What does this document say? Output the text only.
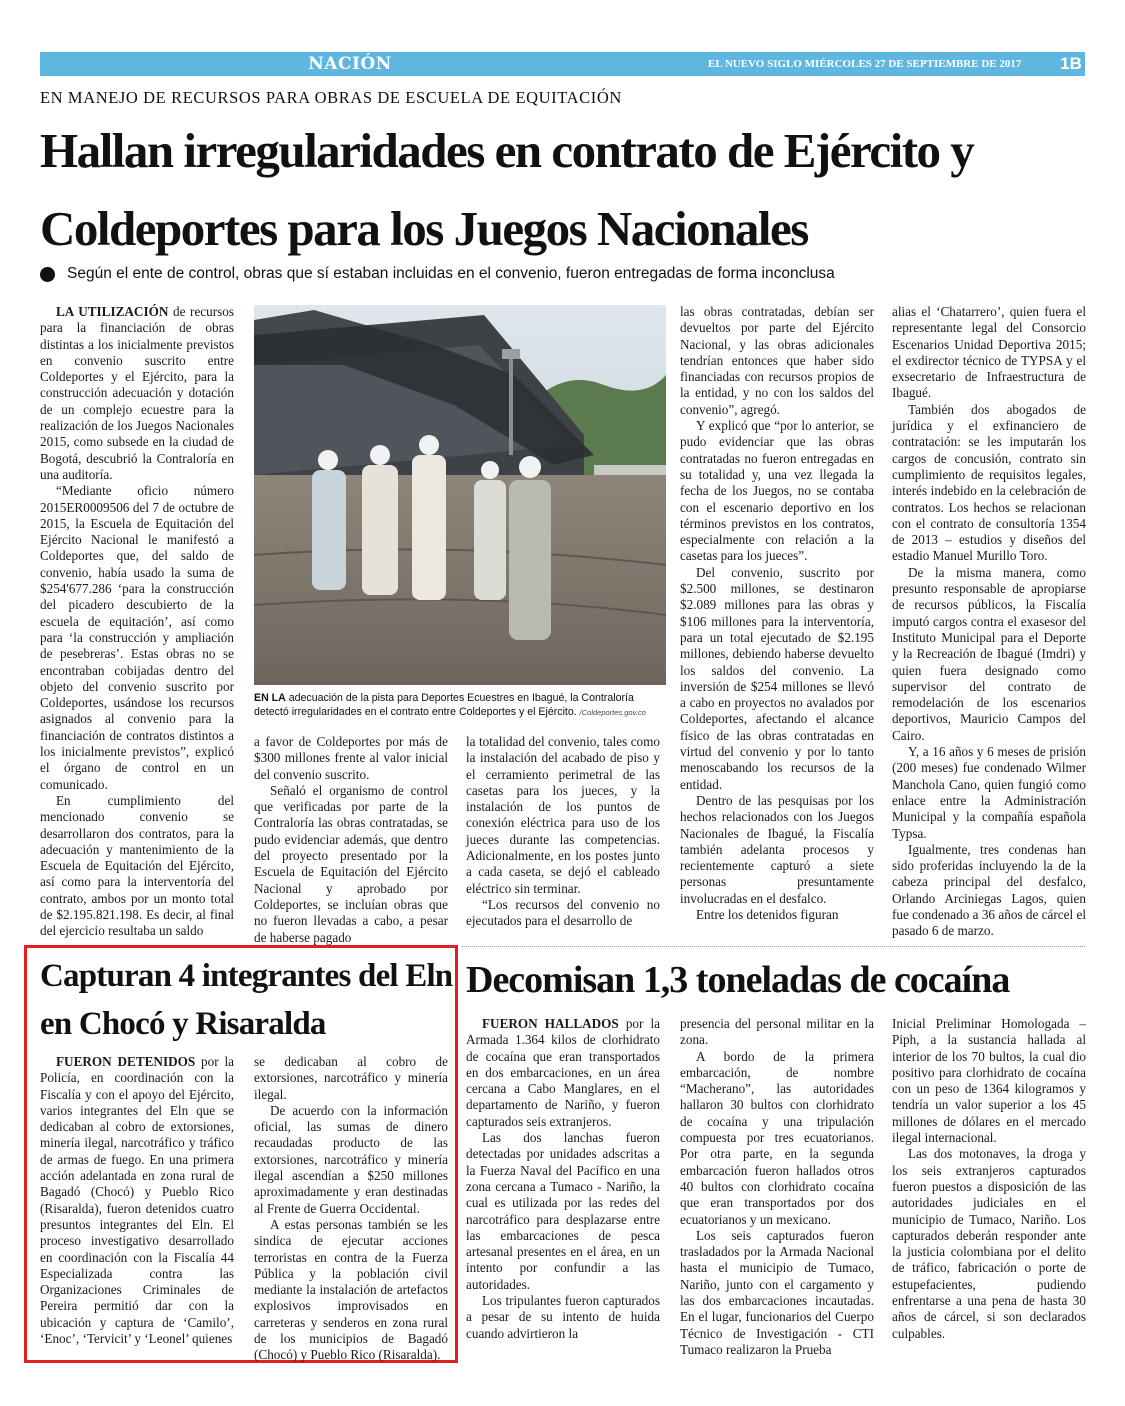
NACIÓN	EL NUEVO SIGLO MIÉRCOLES 27 DE SEPTIEMBRE DE 2017 1B
EN MANEJO DE RECURSOS PARA OBRAS DE ESCUELA DE EQUITACIÓN
Hallan irregularidades en contrato de Ejército y Coldeportes para los Juegos Nacionales
Según el ente de control, obras que sí estaban incluidas en el convenio, fueron entregadas de forma inconclusa

LA UTILIZACIÓN de recursos para la financiación de obras distintas a los inicialmente previstos en convenio suscrito entre Coldeportes y el Ejército, para la construcción adecuación y dotación de un complejo ecuestre para la realización de los Juegos Nacionales 2015, como subsede en la ciudad de Bogotá, descubrió la Contraloría en una auditoría.

“Mediante oficio número 2015ER0009506 del 7 de octubre de 2015, la Escuela de Equitación del Ejército Nacional le manifestó a Coldeportes que, del saldo de convenio, había usado la suma de $254'677.286 ‘para la construcción del picadero descubierto de la escuela de equitación’, así como para ‘la construcción y ampliación de pesebreras’. Estas obras no se encontraban cobijadas dentro del objeto del convenio suscrito por Coldeportes, usándose los recursos asignados al convenio para la financiación de contratos distintos a los inicialmente previstos”, explicó el órgano de control en un comunicado.

En cumplimiento del mencionado convenio se desarrollaron dos contratos, para la adecuación y mantenimiento de la Escuela de Equitación del Ejército, así como para la interventoría del contrato, ambos por un monto total de $2.195.821.198. Es decir, al final del ejercicio resultaba un saldo

EN LA adecuación de la pista para Deportes Ecuestres en Ibagué, la Contraloría detectó irregularidades en el contrato entre Coldeportes y el Ejército. /Coldeportes.gov.co

a favor de Coldeportes por más de $300 millones frente al valor inicial del convenio suscrito.

Señaló el organismo de control que verificadas por parte de la Contraloría las obras contratadas, se pudo evidenciar además, que dentro del proyecto presentado por la Escuela de Equitación del Ejército Nacional y aprobado por Coldeportes, se incluían obras que no fueron llevadas a cabo, a pesar de haberse pagado

la totalidad del convenio, tales como la instalación del acabado de piso y el cerramiento perimetral de las casetas para los jueces, y la instalación de los puntos de conexión eléctrica para uso de los jueces durante las competencias. Adicionalmente, en los postes junto a cada caseta, se dejó el cableado eléctrico sin terminar.

“Los recursos del convenio no ejecutados para el desarrollo de

las obras contratadas, debían ser devueltos por parte del Ejército Nacional, y las obras adicionales tendrían entonces que haber sido financiadas con recursos propios de la entidad, y no con los saldos del convenio”, agregó.

Y explicó que “por lo anterior, se pudo evidenciar que las obras contratadas no fueron entregadas en su totalidad y, una vez llegada la fecha de los Juegos, no se contaba con el escenario deportivo en los términos previstos en los contratos, especialmente con relación a la casetas para los jueces”.

Del convenio, suscrito por $2.500 millones, se destinaron $2.089 millones para las obras y $106 millones para la interventoría, para un total ejecutado de $2.195 millones, debiendo haberse devuelto los saldos del convenio. La inversión de $254 millones se llevó a cabo en proyectos no avalados por Coldeportes, afectando el alcance físico de las obras contratadas en virtud del convenio y por lo tanto menoscabando los recursos de la entidad.

Dentro de las pesquisas por los hechos relacionados con los Juegos Nacionales de Ibagué, la Fiscalía también adelanta procesos y recientemente capturó a siete personas presuntamente involucradas en el desfalco.

Entre los detenidos figuran

alias el ‘Chatarrero’, quien fuera el representante legal del Consorcio Escenarios Unidad Deportiva 2015; el exdirector técnico de TYPSA y el exsecretario de Infraestructura de Ibagué.

También dos abogados de jurídica y el exfinanciero de contratación: se les imputarán los cargos de concusión, contrato sin cumplimiento de requisitos legales, interés indebido en la celebración de contratos. Los hechos se relacionan con el contrato de consultoría 1354 de 2013 – estudios y diseños del estadio Manuel Murillo Toro.

De la misma manera, como presunto responsable de apropiarse de recursos públicos, la Fiscalía imputó cargos contra el exasesor del Instituto Municipal para el Deporte y la Recreación de Ibagué (Imdri) y quien fuera designado como supervisor del contrato de remodelación de los escenarios deportivos, Mauricio Campos del Cairo.

Y, a 16 años y 6 meses de prisión (200 meses) fue condenado Wilmer Manchola Cano, quien fungió como enlace entre la Administración Municipal y la compañía española Typsa.

Igualmente, tres condenas han sido proferidas incluyendo la de la cabeza principal del desfalco, Orlando Arciniegas Lagos, quien fue condenado a 36 años de cárcel el pasado 6 de marzo.

Capturan 4 integrantes del Eln en Chocó y Risaralda

FUERON DETENIDOS por la Policía, en coordinación con la Fiscalía y con el apoyo del Ejército, varios integrantes del Eln que se dedicaban al cobro de extorsiones, minería ilegal, narcotráfico y tráfico de armas de fuego. En una primera acción adelantada en zona rural de Bagadó (Chocó) y Pueblo Rico (Risaralda), fueron detenidos cuatro presuntos integrantes del Eln. El proceso investigativo desarrollado en coordinación con la Fiscalía 44 Especializada contra las Organizaciones Criminales de Pereira permitió dar con la ubicación y captura de ‘Camilo’, ‘Enoc’, ‘Tervicit’ y ‘Leonel’ quienes

se dedicaban al cobro de extorsiones, narcotráfico y minería ilegal.

De acuerdo con la información oficial, las sumas de dinero recaudadas producto de las extorsiones, narcotráfico y minería ilegal ascendían a $250 millones aproximadamente y eran destinadas al Frente de Guerra Occidental.

A estas personas también se les sindica de ejecutar acciones terroristas en contra de la Fuerza Pública y la población civil mediante la instalación de artefactos explosivos improvisados en carreteras y senderos en zona rural de los municipios de Bagadó (Chocó) y Pueblo Rico (Risaralda).

Decomisan 1,3 toneladas de cocaína

FUERON HALLADOS por la Armada 1.364 kilos de clorhidrato de cocaína que eran transportados en dos embarcaciones, en un área cercana a Cabo Manglares, en el departamento de Nariño, y fueron capturados seis extranjeros.

Las dos lanchas fueron detectadas por unidades adscritas a la Fuerza Naval del Pacífico en una zona cercana a Tumaco - Nariño, la cual es utilizada por las redes del narcotráfico para desplazarse entre las embarcaciones de pesca artesanal presentes en el área, en un intento por confundir a las autoridades.

Los tripulantes fueron capturados a pesar de su intento de huida cuando advirtieron la

presencia del personal militar en la zona.

A bordo de la primera embarcación, de nombre “Macherano”, las autoridades hallaron 30 bultos con clorhidrato de cocaína y una tripulación compuesta por tres ecuatorianos. Por otra parte, en la segunda embarcación fueron hallados otros 40 bultos con clorhidrato cocaína que eran transportados por dos ecuatorianos y un mexicano.

Los seis capturados fueron trasladados por la Armada Nacional hasta el municipio de Tumaco, Nariño, junto con el cargamento y las dos embarcaciones incautadas. En el lugar, funcionarios del Cuerpo Técnico de Investigación - CTI Tumaco realizaron la Prueba

Inicial Preliminar Homologada – Piph, a la sustancia hallada al interior de los 70 bultos, la cual dio positivo para clorhidrato de cocaína con un peso de 1364 kilogramos y tendría un valor superior a los 45 millones de dólares en el mercado ilegal internacional.

Las dos motonaves, la droga y los seis extranjeros capturados fueron puestos a disposición de las autoridades judiciales en el municipio de Tumaco, Nariño. Los capturados deberán responder ante la justicia colombiana por el delito de tráfico, fabricación o porte de estupefacientes, pudiendo enfrentarse a una pena de hasta 30 años de cárcel, si son declarados culpables.
